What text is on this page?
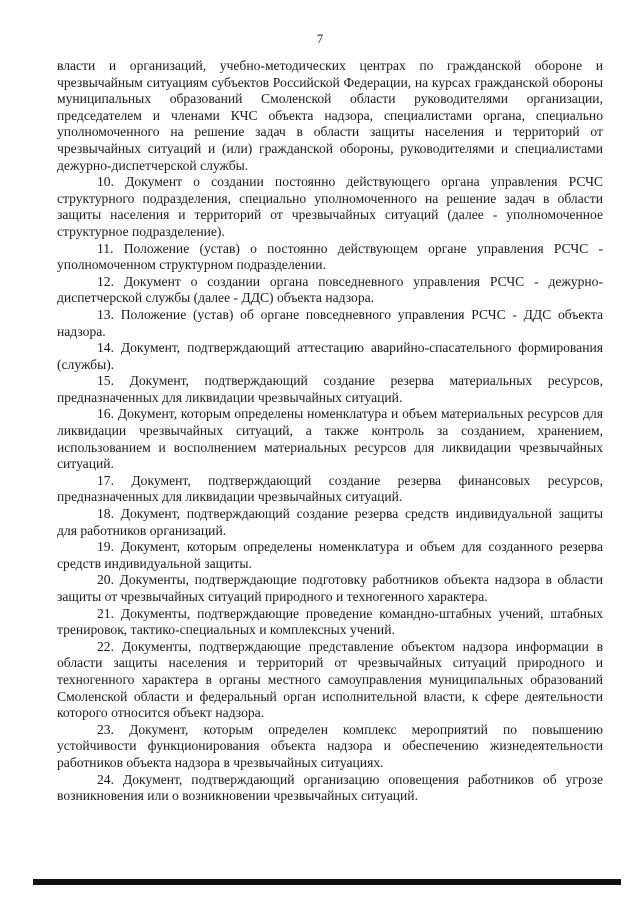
7

власти и организаций, учебно-методических центрах по гражданской обороне и чрезвычайным ситуациям субъектов Российской Федерации, на курсах гражданской обороны муниципальных образований Смоленской области руководителями организации, председателем и членами КЧС объекта надзора, специалистами органа, специально уполномоченного на решение задач в области защиты населения и территорий от чрезвычайных ситуаций и (или) гражданской обороны, руководителями и специалистами дежурно-диспетчерской службы.

10. Документ о создании постоянно действующего органа управления РСЧС структурного подразделения, специально уполномоченного на решение задач в области защиты населения и территорий от чрезвычайных ситуаций (далее - уполномоченное структурное подразделение).

11. Положение (устав) о постоянно действующем органе управления РСЧС - уполномоченном структурном подразделении.

12. Документ о создании органа повседневного управления РСЧС - дежурно-диспетчерской службы (далее - ДДС) объекта надзора.

13. Положение (устав) об органе повседневного управления РСЧС - ДДС объекта надзора.

14. Документ, подтверждающий аттестацию аварийно-спасательного формирования (службы).

15. Документ, подтверждающий создание резерва материальных ресурсов, предназначенных для ликвидации чрезвычайных ситуаций.

16. Документ, которым определены номенклатура и объем материальных ресурсов для ликвидации чрезвычайных ситуаций, а также контроль за созданием, хранением, использованием и восполнением материальных ресурсов для ликвидации чрезвычайных ситуаций.

17. Документ, подтверждающий создание резерва финансовых ресурсов, предназначенных для ликвидации чрезвычайных ситуаций.

18. Документ, подтверждающий создание резерва средств индивидуальной защиты для работников организаций.

19. Документ, которым определены номенклатура и объем для созданного резерва средств индивидуальной защиты.

20. Документы, подтверждающие подготовку работников объекта надзора в области защиты от чрезвычайных ситуаций природного и техногенного характера.

21. Документы, подтверждающие проведение командно-штабных учений, штабных тренировок, тактико-специальных и комплексных учений.

22. Документы, подтверждающие представление объектом надзора информации в области защиты населения и территорий от чрезвычайных ситуаций природного и техногенного характера в органы местного самоуправления муниципальных образований Смоленской области и федеральный орган исполнительной власти, к сфере деятельности которого относится объект надзора.

23. Документ, которым определен комплекс мероприятий по повышению устойчивости функционирования объекта надзора и обеспечению жизнедеятельности работников объекта надзора в чрезвычайных ситуациях.

24. Документ, подтверждающий организацию оповещения работников об угрозе возникновения или о возникновении чрезвычайных ситуаций.
